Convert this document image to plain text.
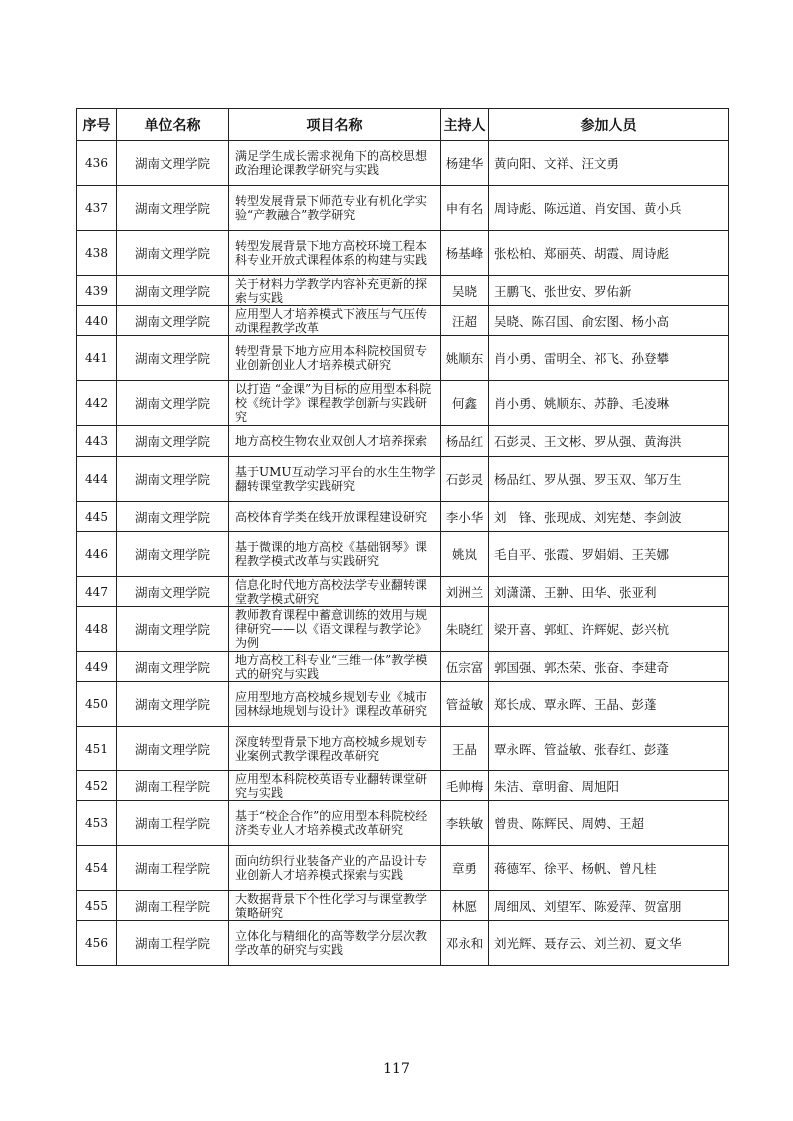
序号	单位名称	项目名称	主持人	参加人员
436	湖南文理学院	满足学生成长需求视角下的高校思想政治理论课教学研究与实践	杨建华	黄向阳、文祥、汪文勇
437	湖南文理学院	转型发展背景下师范专业有机化学实验“产教融合”教学研究	申有名	周诗彪、陈远道、肖安国、黄小兵
438	湖南文理学院	转型发展背景下地方高校环境工程本科专业开放式课程体系的构建与实践	杨基峰	张松柏、郑丽英、胡霞、周诗彪
439	湖南文理学院	关于材料力学教学内容补充更新的探索与实践	吴晓	王鹏飞、张世安、罗佑新
440	湖南文理学院	应用型人才培养模式下液压与气压传动课程教学改革	汪超	吴晓、陈召国、俞宏图、杨小高
441	湖南文理学院	转型背景下地方应用本科院校国贸专业创新创业人才培养模式研究	姚顺东	肖小勇、雷明全、祁飞、孙登攀
442	湖南文理学院	以打造 “金课”为目标的应用型本科院校《统计学》课程教学创新与实践研究	何鑫	肖小勇、姚顺东、苏静、毛凌琳
443	湖南文理学院	地方高校生物农业双创人才培养探索	杨品红	石彭灵、王文彬、罗从强、黄海洪
444	湖南文理学院	基于UMU互动学习平台的水生生物学翻转课堂教学实践研究	石彭灵	杨品红、罗从强、罗玉双、邹万生
445	湖南文理学院	高校体育学类在线开放课程建设研究	李小华	刘　锋、张现成、刘宪楚、李剑波
446	湖南文理学院	基于微课的地方高校《基础钢琴》课程教学模式改革与实践研究	姚岚	毛自平、张霞、罗娟娟、王芙娜
447	湖南文理学院	信息化时代地方高校法学专业翻转课堂教学模式研究	刘洲兰	刘潇潇、王翀、田华、张亚利
448	湖南文理学院	教师教育课程中蓄意训练的效用与规律研究——以《语文课程与教学论》为例	朱晓红	梁开喜、郭虹、许辉妮、彭兴杭
449	湖南文理学院	地方高校工科专业“三维一体”教学模式的研究与实践	伍宗富	郭国强、郭杰荣、张奋、李建奇
450	湖南文理学院	应用型地方高校城乡规划专业《城市园林绿地规划与设计》课程改革研究	管益敏	郑长成、覃永晖、王晶、彭蓬
451	湖南文理学院	深度转型背景下地方高校城乡规划专业案例式教学课程改革研究	王晶	覃永晖、管益敏、张春红、彭蓬
452	湖南工程学院	应用型本科院校英语专业翻转课堂研究与实践	毛帅梅	朱洁、章明畲、周旭阳
453	湖南工程学院	基于“校企合作”的应用型本科院校经济类专业人才培养模式改革研究	李轶敏	曾贵、陈辉民、周娉、王超
454	湖南工程学院	面向纺织行业装备产业的产品设计专业创新人才培养模式探索与实践	章勇	蒋德军、徐平、杨帆、曾凡桂
455	湖南工程学院	大数据背景下个性化学习与课堂教学策略研究	林愿	周细凤、刘望军、陈爱萍、贺富朋
456	湖南工程学院	立体化与精细化的高等数学分层次教学改革的研究与实践	邓永和	刘光辉、聂存云、刘兰初、夏文华
117
